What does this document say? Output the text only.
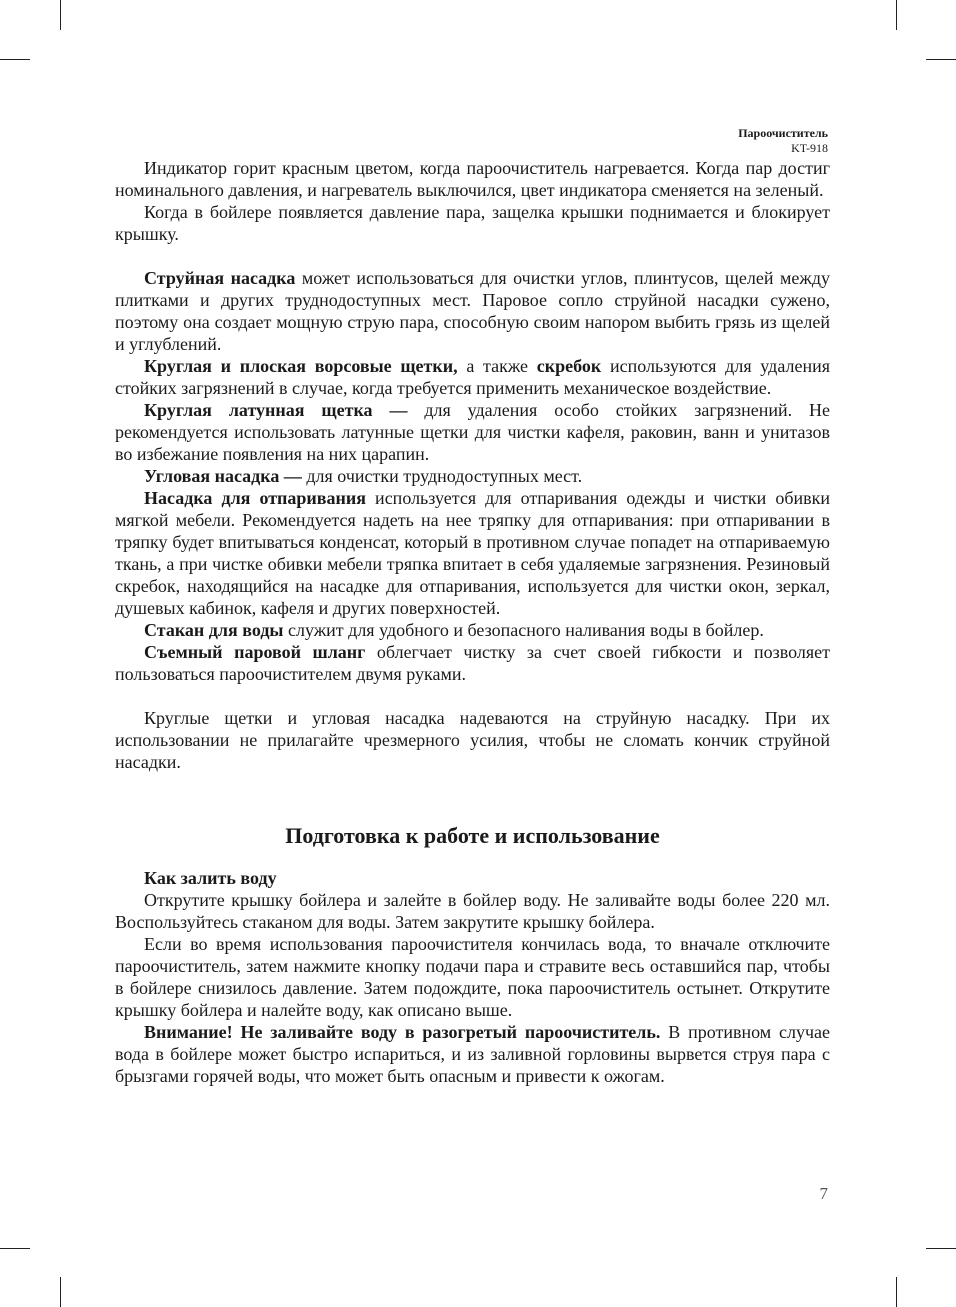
Пароочиститель
KT-918

Индикатор горит красным цветом, когда пароочиститель нагревается. Когда пар достиг номинального давления, и нагреватель выключился, цвет индикатора сменяется на зеленый.

Когда в бойлере появляется давление пара, защелка крышки поднимается и блокирует крышку.

Струйная насадка может использоваться для очистки углов, плинтусов, щелей между плитками и других труднодоступных мест. Паровое сопло струйной насадки сужено, поэтому она создает мощную струю пара, способную своим напором выбить грязь из щелей и углублений.

Круглая и плоская ворсовые щетки, а также скребок используются для удаления стойких загрязнений в случае, когда требуется применить механическое воздействие.

Круглая латунная щетка — для удаления особо стойких загрязнений. Не рекомендуется использовать латунные щетки для чистки кафеля, раковин, ванн и унитазов во избежание появления на них царапин.

Угловая насадка — для очистки труднодоступных мест.

Насадка для отпаривания используется для отпаривания одежды и чистки обивки мягкой мебели. Рекомендуется надеть на нее тряпку для отпаривания: при отпаривании в тряпку будет впитываться конденсат, который в противном случае попадет на отпариваемую ткань, а при чистке обивки мебели тряпка впитает в себя удаляемые загрязнения. Резиновый скребок, находящийся на насадке для отпаривания, используется для чистки окон, зеркал, душевых кабинок, кафеля и других поверхностей.

Стакан для воды служит для удобного и безопасного наливания воды в бойлер.

Съемный паровой шланг облегчает чистку за счет своей гибкости и позволяет пользоваться пароочистителем двумя руками.

Круглые щетки и угловая насадка надеваются на струйную насадку. При их использовании не прилагайте чрезмерного усилия, чтобы не сломать кончик струйной насадки.

Подготовка к работе и использование

Как залить воду

Открутите крышку бойлера и залейте в бойлер воду. Не заливайте воды более 220 мл. Воспользуйтесь стаканом для воды. Затем закрутите крышку бойлера.

Если во время использования пароочистителя кончилась вода, то вначале отключите пароочиститель, затем нажмите кнопку подачи пара и стравите весь оставшийся пар, чтобы в бойлере снизилось давление. Затем подождите, пока пароочиститель остынет. Открутите крышку бойлера и налейте воду, как описано выше.

Внимание! Не заливайте воду в разогретый пароочиститель. В противном случае вода в бойлере может быстро испариться, и из заливной горловины вырвется струя пара с брызгами горячей воды, что может быть опасным и привести к ожогам.

7
